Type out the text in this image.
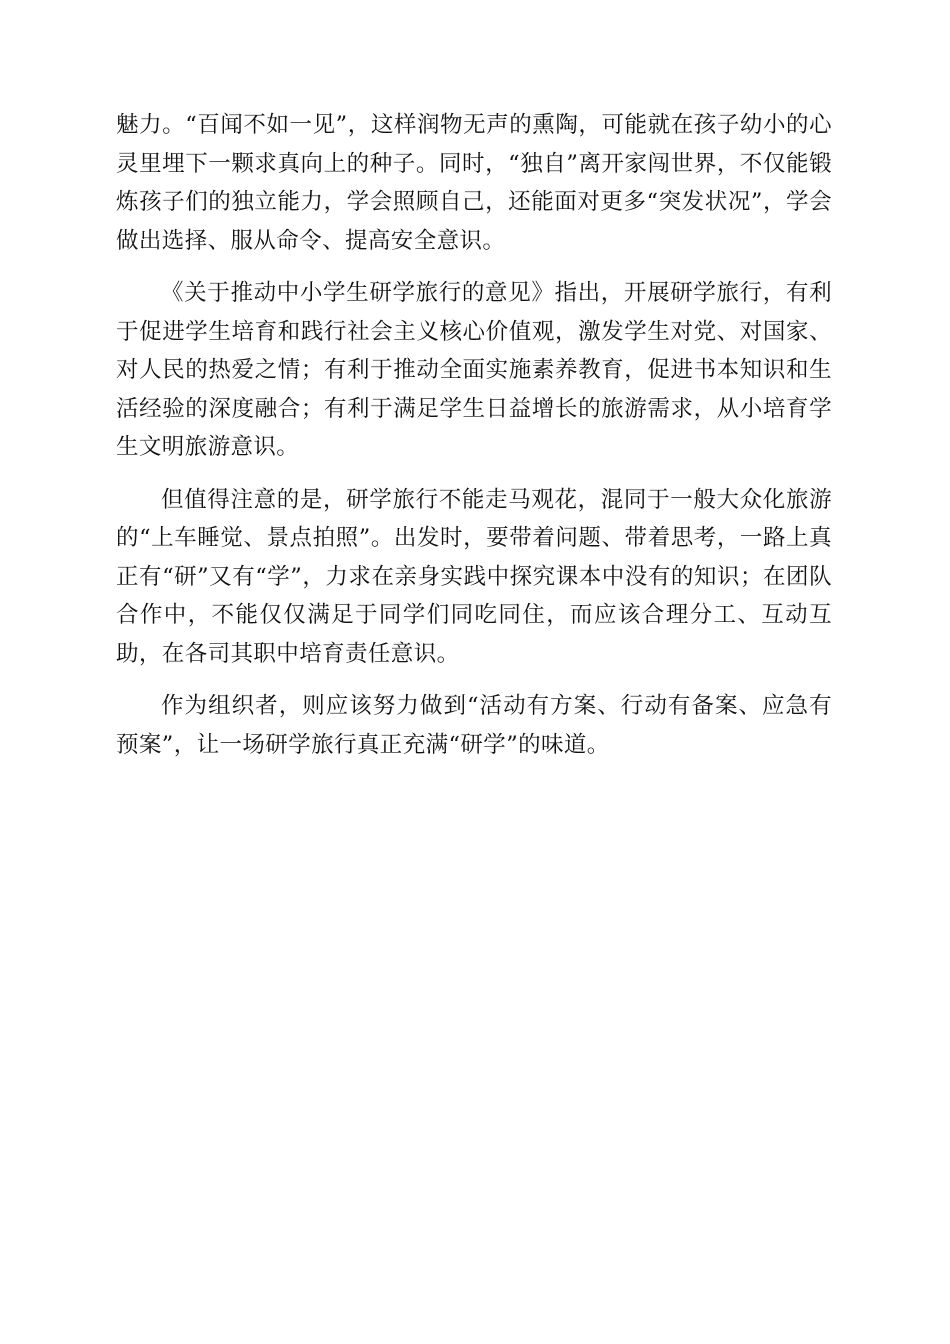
魅力。“百闻不如一见”，这样润物无声的熏陶，可能就在孩子幼小的心灵里埋下一颗求真向上的种子。同时，“独自”离开家闯世界，不仅能锻炼孩子们的独立能力，学会照顾自己，还能面对更多“突发状况”，学会做出选择、服从命令、提高安全意识。

《关于推动中小学生研学旅行的意见》指出，开展研学旅行，有利于促进学生培育和践行社会主义核心价值观，激发学生对党、对国家、对人民的热爱之情；有利于推动全面实施素养教育，促进书本知识和生活经验的深度融合；有利于满足学生日益增长的旅游需求，从小培育学生文明旅游意识。

但值得注意的是，研学旅行不能走马观花，混同于一般大众化旅游的“上车睡觉、景点拍照”。出发时，要带着问题、带着思考，一路上真正有“研”又有“学”，力求在亲身实践中探究课本中没有的知识；在团队合作中，不能仅仅满足于同学们同吃同住，而应该合理分工、互动互助，在各司其职中培育责任意识。

作为组织者，则应该努力做到“活动有方案、行动有备案、应急有预案”，让一场研学旅行真正充满“研学”的味道。
